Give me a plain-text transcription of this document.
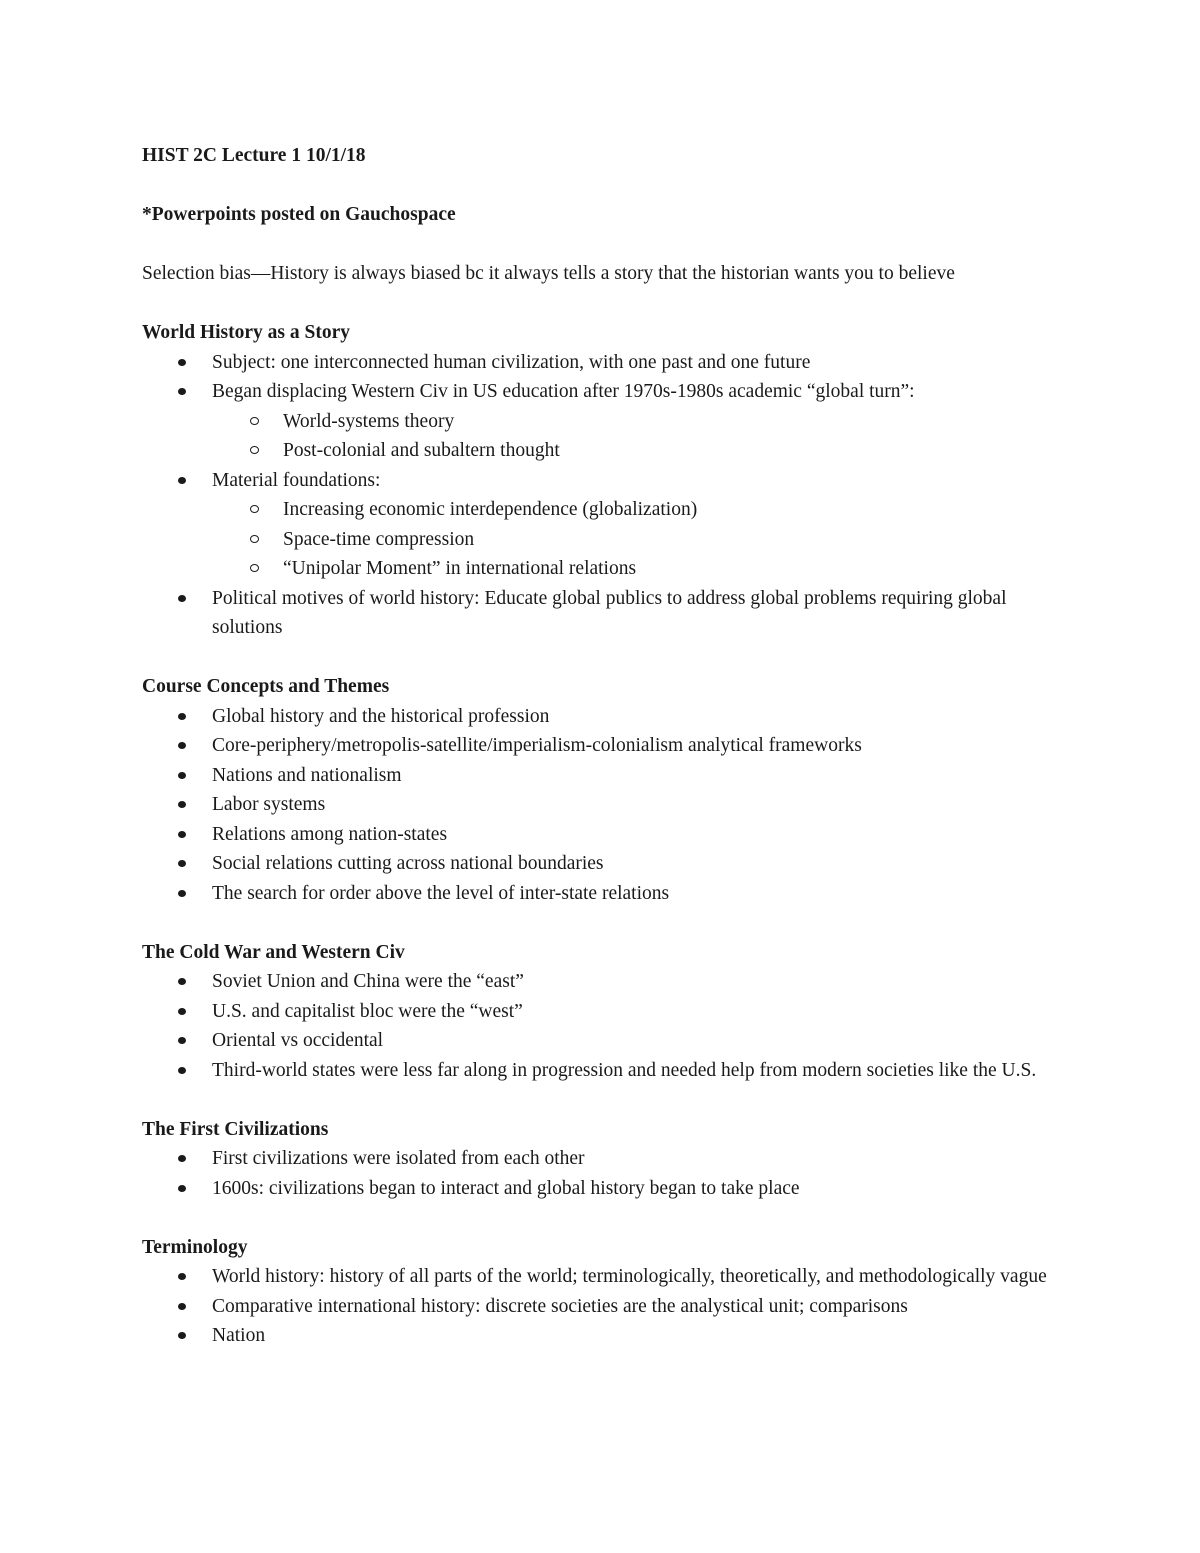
HIST 2C Lecture 1 10/1/18

*Powerpoints posted on Gauchospace

Selection bias—History is always biased bc it always tells a story that the historian wants you to believe

World History as a Story

Subject: one interconnected human civilization, with one past and one future
Began displacing Western Civ in US education after 1970s-1980s academic “global turn”:
World-systems theory
Post-colonial and subaltern thought
Material foundations:
Increasing economic interdependence (globalization)
Space-time compression
“Unipolar Moment” in international relations
Political motives of world history: Educate global publics to address global problems requiring global solutions

Course Concepts and Themes

Global history and the historical profession
Core-periphery/metropolis-satellite/imperialism-colonialism analytical frameworks
Nations and nationalism
Labor systems
Relations among nation-states
Social relations cutting across national boundaries
The search for order above the level of inter-state relations

The Cold War and Western Civ

Soviet Union and China were the “east”
U.S. and capitalist bloc were the “west”
Oriental vs occidental
Third-world states were less far along in progression and needed help from modern societies like the U.S.

The First Civilizations

First civilizations were isolated from each other
1600s: civilizations began to interact and global history began to take place

Terminology

World history: history of all parts of the world; terminologically, theoretically, and methodologically vague
Comparative international history: discrete societies are the analystical unit; comparisons
Nation
